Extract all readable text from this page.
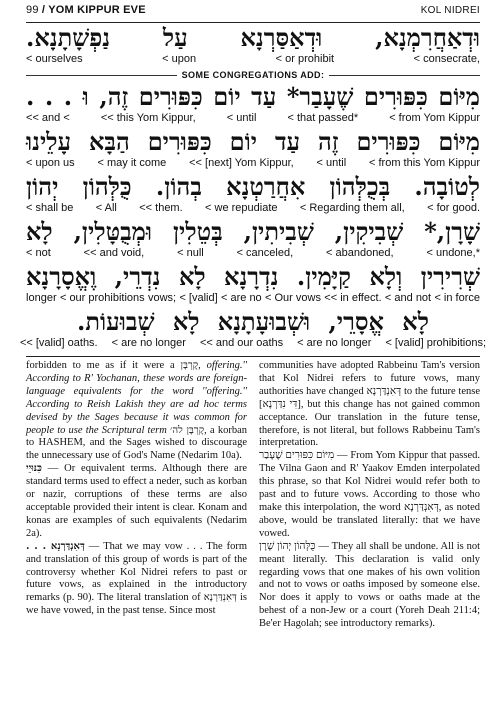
99 / YOM KIPPUR EVE	KOL NIDREI
וּדְאַחֲרִמְנָא, וּדְאַסַּרְנָא עַל נַפְשָׁתָנָא.
< consecrate,
< or prohibit
< upon
< ourselves
SOME CONGREGATIONS ADD:
מִיּוֹם כִּפּוּרִים שֶׁעָבַר* עַד יוֹם כִּפּוּרִים זֶה, וּ . . .
< from Yom Kippur
< that passed*
< until
<< this Yom Kippur,
<< and <
מִיּוֹם כִּפּוּרִים זֶה עַד יוֹם כִּפּוּרִים הַבָּא עָלֵינוּ
< from this Yom Kippur
< until
<< [next] Yom Kippur,
< may it come
< upon us
לְטוֹבָה. בְּכֻלְּהוֹן אִחֲרַטְנָא בְהוֹן. כֻּלְּהוֹן יְהוֹן
< for good.
< Regarding them all,
< we repudiate
<< them.
< All
< shall be
שָׁרָן,* שְׁבִיקִין, שְׁבִיתִין, בְּטֵלִין וּמְבֻטָּלִין, לָא
< undone,*
< abandoned,
< canceled,
< null
<< and void,
< not
שְׁרִירִין וְלָא קַיָּמִין. נִדְרָנָא לָא נִדְרֵי, וֶאֱסָרָנָא
< in force
< and not
<< in effect.
< Our vows
< are no
< [valid]
vows;
< our prohibitions
longer
לָא אֱסָרֵי, וּשְׁבוּעָתָנָא לָא שְׁבוּעוֹת.
< [valid] prohibitions;
< are no longer
<< and our oaths
< are no longer
<< [valid] oaths.

forbidden to me as if it were a קָרְבָּן, offering.'' According to R' Yochanan, these words are foreign-language equivalents for the word ''offering.'' According to Reish Lakish they are ad hoc terms devised by the Sages because it was common for people to use the Scriptural term קָרְבָּן לה׳, a korban to HASHEM, and the Sages wished to discourage the unnecessary use of God's Name (Nedarim 10a).

כִּנּוּיֵי — Or equivalent terms. Although there are standard terms used to effect a neder, such as korban or nazir, corruptions of these terms are also acceptable provided their intent is clear. Konam and konas are examples of such equivalents (Nedarim 2a).

. . . דְּאִנְדַּרְנָא — That we may vow . . . The form and translation of this group of words is part of the controversy whether Kol Nidrei refers to past or future vows, as explained in the introductory remarks (p. 90). The literal translation of דְּאִנְדַּרְנָא is we have vowed, in the past tense. Since most

communities have adopted Rabbeinu Tam's version that Kol Nidrei refers to future vows, many authorities have changed דְּאִנְדַּרְנָא to the future tense [דִּי נִדַּרְנָא], but this change has not gained common acceptance. Our translation in the future tense, therefore, is not literal, but follows Rabbeinu Tam's interpretation.

מִיּוֹם כִּפּוּרִים שֶׁעָבַר — From Yom Kippur that passed. The Vilna Gaon and R' Yaakov Emden interpolated this phrase, so that Kol Nidrei would refer both to past and to future vows. According to those who make this interpolation, the word דְּאִנְדַּרְנָא, as noted above, would be translated literally: that we have vowed.

כֻּלְּהוֹן יְהוֹן שָׁרָן — They all shall be undone. All is not meant literally. This declaration is valid only regarding vows that one makes of his own volition and not to vows or oaths imposed by someone else. Nor does it apply to vows or oaths made at the behest of a non-Jew or a court (Yoreh Deah 211:4; Be'er Hagolah; see introductory remarks).
